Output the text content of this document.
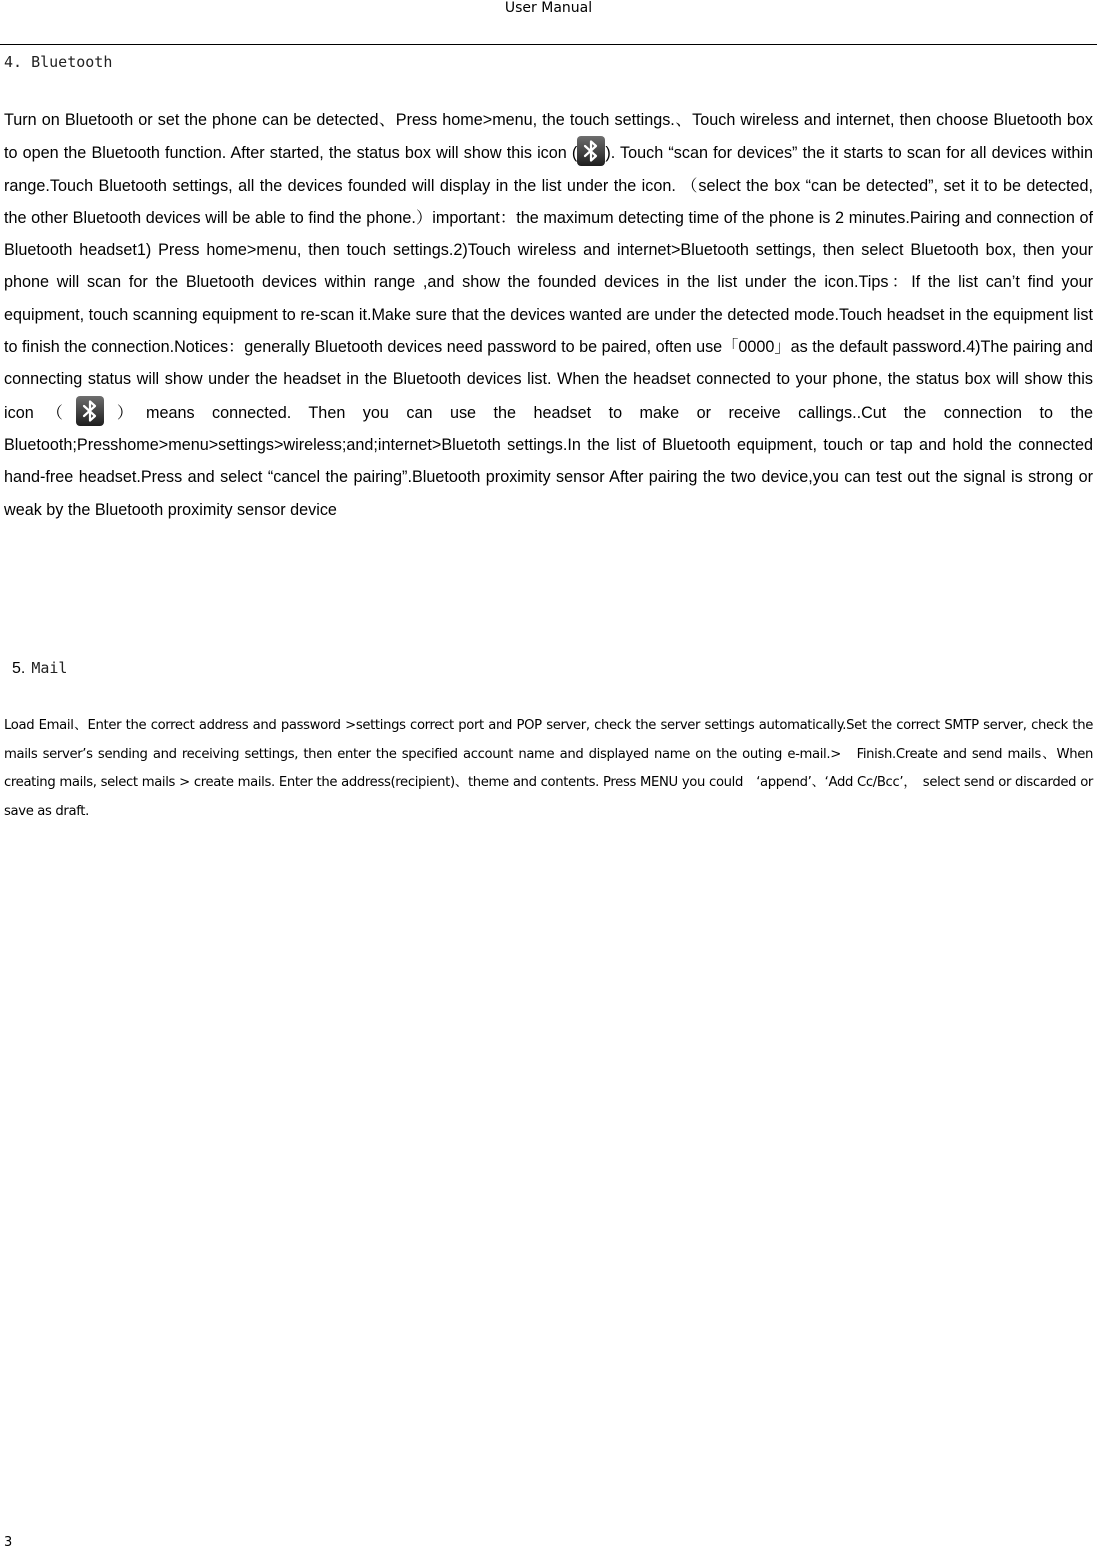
User Manual
4. Bluetooth
Turn on Bluetooth or set the phone can be detected、Press home>menu, the touch settings.、Touch wireless and internet, then choose Bluetooth box to open the Bluetooth function. After started, the status box will show this icon ( ). Touch “scan for devices” the it starts to scan for all devices within range.Touch Bluetooth settings, all the devices founded will display in the list under the icon. （select the box “can be detected”, set it to be detected, the other Bluetooth devices will be able to find the phone.）important：the maximum detecting time of the phone is 2 minutes.Pairing and connection of Bluetooth headset1) Press home>menu, then touch settings.2)Touch wireless and internet>Bluetooth settings, then select Bluetooth box, then your phone will scan for the Bluetooth devices within range ,and show the founded devices in the list under the icon.Tips：If the list can’t find your equipment, touch scanning equipment to re-scan it.Make sure that the devices wanted are under the detected mode.Touch headset in the equipment list to finish the connection.Notices：generally Bluetooth devices need password to be paired, often use「0000」as the default password.4)The pairing and connecting status will show under the headset in the Bluetooth devices list. When the headset connected to your phone, the status box will show this icon（ ）means connected. Then you can use the headset to make or receive callings..Cut the connection to the Bluetooth;Presshome>menu>settings>wireless;and;internet>Bluetoth settings.In the list of Bluetooth equipment, touch or tap and hold the connected hand-free headset.Press and select “cancel the pairing”.Bluetooth proximity sensor After pairing the two device,you can test out the signal is strong or weak by the Bluetooth proximity sensor device
5. Mail
Load Email、Enter the correct address and password >settings correct port and POP server, check the server settings automatically.Set the correct SMTP server, check the mails server’s sending and receiving settings, then enter the specified account name and displayed name on the outing e-mail.>　Finish.Create and send mails、When creating mails, select mails > create mails. Enter the address(recipient)、theme and contents. Press MENU you could　‘append’、‘Add Cc/Bcc’，　select send or discarded or save as draft.
3
